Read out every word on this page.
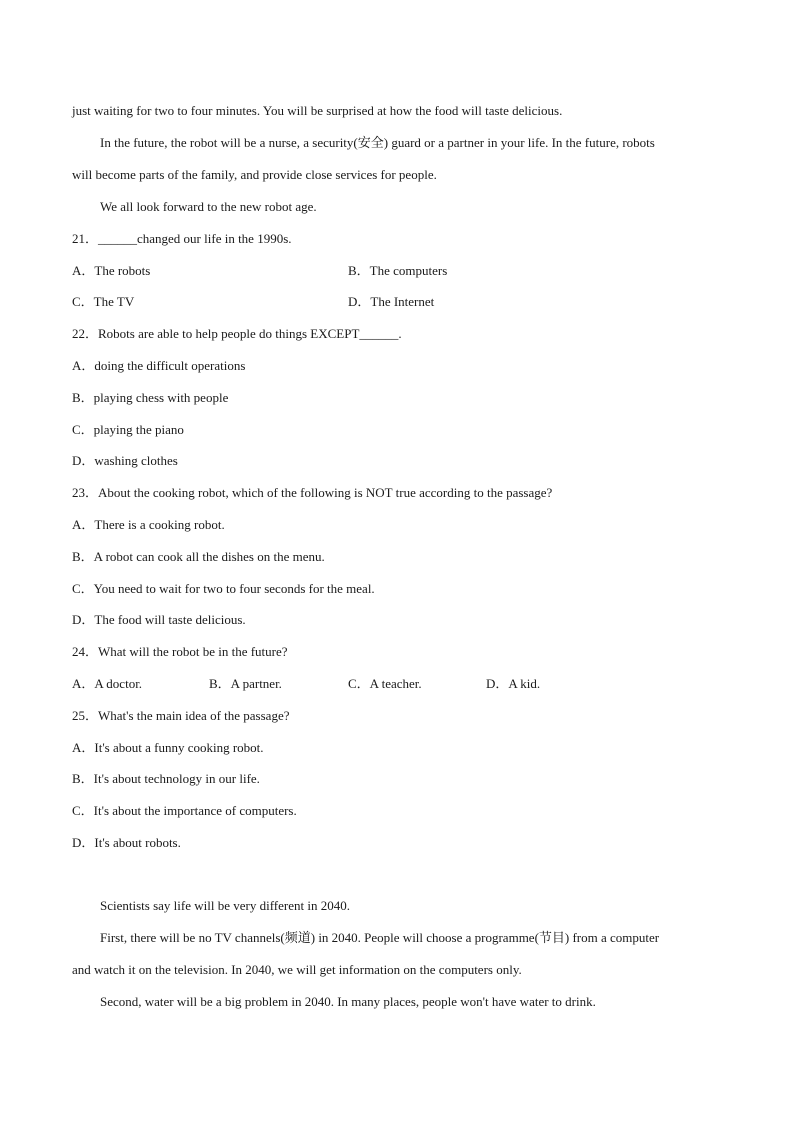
just waiting for two to four minutes. You will be surprised at how the food will taste delicious.
In the future, the robot will be a nurse, a security(安全) guard or a partner in your life. In the future, robots
will become parts of the family, and provide close services for people.
We all look forward to the new robot age.
21．______changed our life in the 1990s.
A．The robots	B．The computers
C．The TV	D．The Internet
22．Robots are able to help people do things EXCEPT______.
A．doing the difficult operations
B．playing chess with people
C．playing the piano
D．washing clothes
23．About the cooking robot, which of the following is NOT true according to the passage?
A．There is a cooking robot.
B．A robot can cook all the dishes on the menu.
C．You need to wait for two to four seconds for the meal.
D．The food will taste delicious.
24．What will the robot be in the future?
A．A doctor.	B．A partner.	C．A teacher.	D．A kid.
25．What's the main idea of the passage?
A．It's about a funny cooking robot.
B．It's about technology in our life.
C．It's about the importance of computers.
D．It's about robots.
Scientists say life will be very different in 2040.
First, there will be no TV channels(频道) in 2040. People will choose a programme(节目) from a computer
and watch it on the television. In 2040, we will get information on the computers only.
Second, water will be a big problem in 2040. In many places, people won't have water to drink.
